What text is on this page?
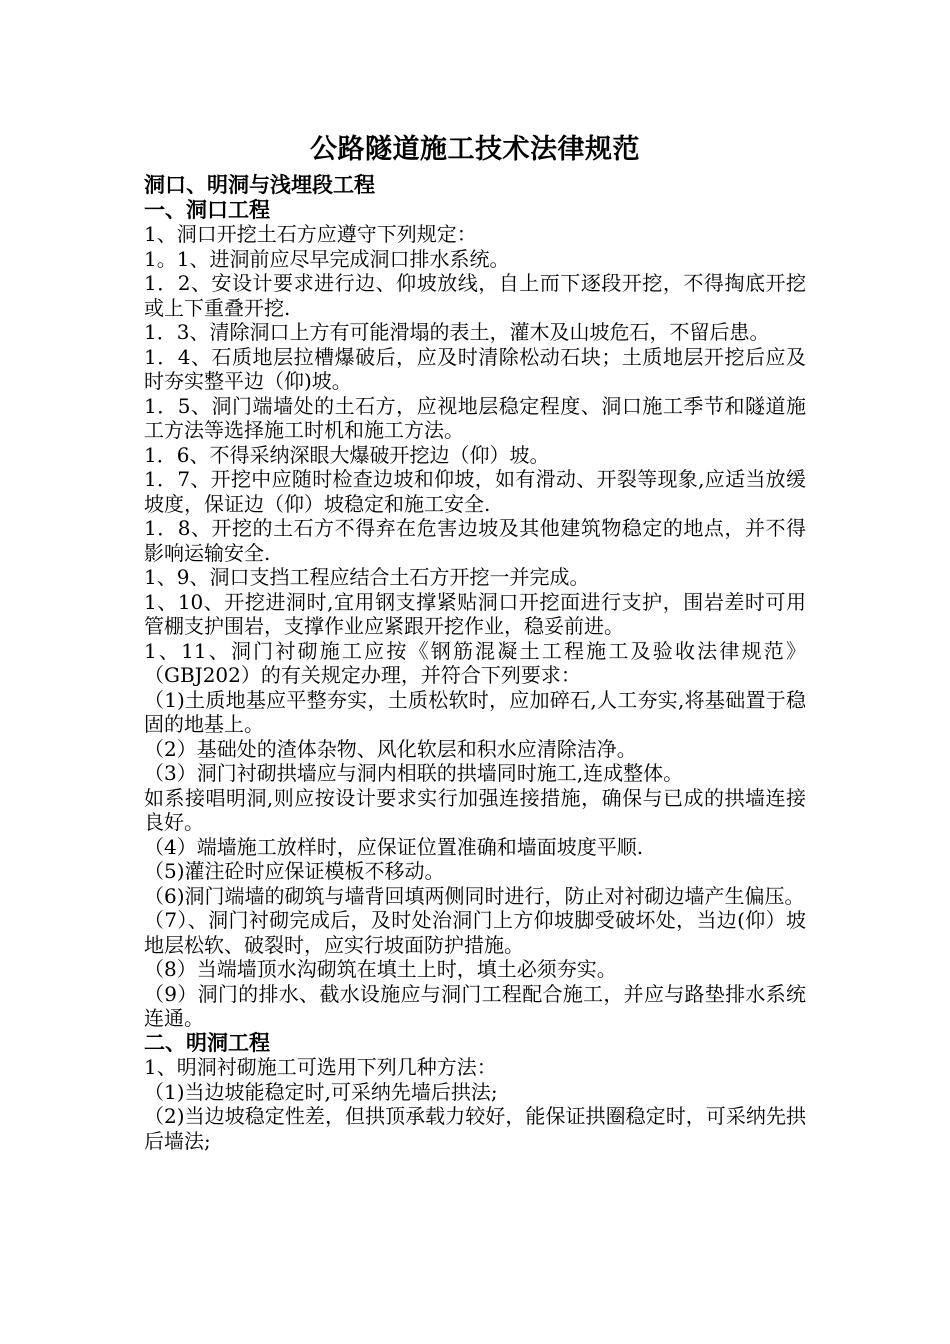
公路隧道施工技术法律规范

洞口、明洞与浅埋段工程

一、洞口工程

1、洞口开挖土石方应遵守下列规定：

1。1、进洞前应尽早完成洞口排水系统。

1．2、安设计要求进行边、仰坡放线，自上而下逐段开挖，不得掏底开挖或上下重叠开挖.

1．3、清除洞口上方有可能滑塌的表土，灌木及山坡危石，不留后患。

1．4、石质地层拉槽爆破后，应及时清除松动石块；土质地层开挖后应及时夯实整平边（仰)坡。

1．5、洞门端墙处的土石方，应视地层稳定程度、洞口施工季节和隧道施工方法等选择施工时机和施工方法。

1．6、不得采纳深眼大爆破开挖边（仰）坡。

1．7、开挖中应随时检查边坡和仰坡，如有滑动、开裂等现象,应适当放缓坡度，保证边（仰）坡稳定和施工安全.

1．8、开挖的土石方不得弃在危害边坡及其他建筑物稳定的地点，并不得影响运输安全.

1、9、洞口支挡工程应结合土石方开挖一并完成。

1、10、开挖进洞时,宜用钢支撑紧贴洞口开挖面进行支护，围岩差时可用管棚支护围岩，支撑作业应紧跟开挖作业，稳妥前进。

1、11、洞门衬砌施工应按《钢筋混凝土工程施工及验收法律规范》（GBJ202）的有关规定办理，并符合下列要求：

（1)土质地基应平整夯实，土质松软时，应加碎石,人工夯实,将基础置于稳固的地基上。

（2）基础处的渣体杂物、风化软层和积水应清除洁净。

（3）洞门衬砌拱墙应与洞内相联的拱墙同时施工,连成整体。

如系接唱明洞,则应按设计要求实行加强连接措施，确保与已成的拱墙连接良好。

（4）端墙施工放样时，应保证位置准确和墙面坡度平顺.

（5)灌注砼时应保证模板不移动。

（6)洞门端墙的砌筑与墙背回填两侧同时进行，防止对衬砌边墙产生偏压。

（7）、洞门衬砌完成后，及时处治洞门上方仰坡脚受破坏处，当边(仰）坡地层松软、破裂时，应实行坡面防护措施。

（8）当端墙顶水沟砌筑在填土上时，填土必须夯实。

（9）洞门的排水、截水设施应与洞门工程配合施工，并应与路垫排水系统连通。

二、明洞工程

1、明洞衬砌施工可选用下列几种方法：

（1)当边坡能稳定时,可采纳先墙后拱法;

（2)当边坡稳定性差，但拱顶承载力较好，能保证拱圈稳定时，可采纳先拱后墙法;
